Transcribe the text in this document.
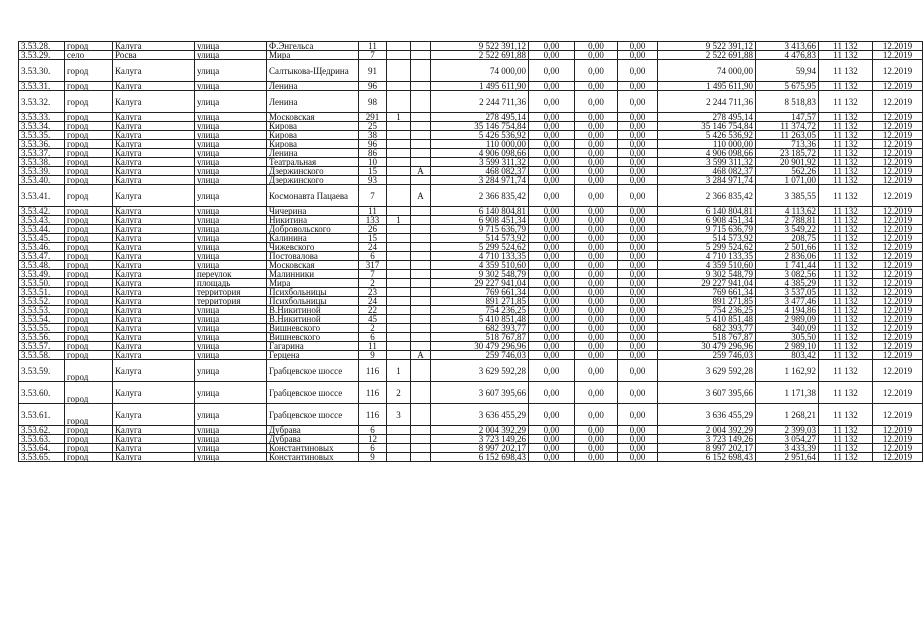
3.53.28.	город	Калуга	улица	Ф.Энгельса	11			9 522 391,12	0,00	0,00	0,00	9 522 391,12	3 413,66	11 132	12.2019
3.53.29.	село	Росва	улица	Мира	7			2 522 691,88	0,00	0,00	0,00	2 522 691,88	4 476,83	11 132	12.2019
3.53.30.	город	Калуга	улица	Салтыкова-Щедрина	91			74 000,00	0,00	0,00	0,00	74 000,00	59,94	11 132	12.2019
3.53.31.	город	Калуга	улица	Ленина	96			1 495 611,90	0,00	0,00	0,00	1 495 611,90	5 675,95	11 132	12.2019
3.53.32.	город	Калуга	улица	Ленина	98			2 244 711,36	0,00	0,00	0,00	2 244 711,36	8 518,83	11 132	12.2019
3.53.33.	город	Калуга	улица	Московская	291	1		278 495,14	0,00	0,00	0,00	278 495,14	147,57	11 132	12.2019
3.53.34.	город	Калуга	улица	Кирова	25			35 146 754,84	0,00	0,00	0,00	35 146 754,84	11 374,72	11 132	12.2019
3.53.35.	город	Калуга	улица	Кирова	38			5 426 536,92	0,00	0,00	0,00	5 426 536,92	11 263,05	11 132	12.2019
3.53.36.	город	Калуга	улица	Кирова	96			110 000,00	0,00	0,00	0,00	110 000,00	713,36	11 132	12.2019
3.53.37.	город	Калуга	улица	Ленина	86			4 906 098,66	0,00	0,00	0,00	4 906 098,66	23 185,72	11 132	12.2019
3.53.38.	город	Калуга	улица	Театральная	10			3 599 311,32	0,00	0,00	0,00	3 599 311,32	20 901,92	11 132	12.2019
3.53.39.	город	Калуга	улица	Дзержинского	15		А	468 082,37	0,00	0,00	0,00	468 082,37	562,26	11 132	12.2019
3.53.40.	город	Калуга	улица	Дзержинского	93			3 284 971,74	0,00	0,00	0,00	3 284 971,74	1 071,00	11 132	12.2019
3.53.41.	город	Калуга	улица	Космонавта Пацаева	7		А	2 366 835,42	0,00	0,00	0,00	2 366 835,42	3 385,55	11 132	12.2019
3.53.42.	город	Калуга	улица	Чичерина	11			6 140 804,81	0,00	0,00	0,00	6 140 804,81	4 113,62	11 132	12.2019
3.53.43.	город	Калуга	улица	Никитина	133	1		6 908 451,34	0,00	0,00	0,00	6 908 451,34	2 788,81	11 132	12.2019
3.53.44.	город	Калуга	улица	Добровольского	26			9 715 636,79	0,00	0,00	0,00	9 715 636,79	3 549,22	11 132	12.2019
3.53.45.	город	Калуга	улица	Калинина	15			514 573,92	0,00	0,00	0,00	514 573,92	208,75	11 132	12.2019
3.53.46.	город	Калуга	улица	Чижевского	24			5 299 524,62	0,00	0,00	0,00	5 299 524,62	2 501,66	11 132	12.2019
3.53.47.	город	Калуга	улица	Постовалова	6			4 710 133,35	0,00	0,00	0,00	4 710 133,35	2 836,06	11 132	12.2019
3.53.48.	город	Калуга	улица	Московская	317			4 359 510,60	0,00	0,00	0,00	4 359 510,60	1 741,44	11 132	12.2019
3.53.49.	город	Калуга	переулок	Малинники	7			9 302 548,79	0,00	0,00	0,00	9 302 548,79	3 082,56	11 132	12.2019
3.53.50.	город	Калуга	площадь	Мира	2			29 227 941,04	0,00	0,00	0,00	29 227 941,04	4 385,29	11 132	12.2019
3.53.51.	город	Калуга	территория	Психбольницы	23			769 661,34	0,00	0,00	0,00	769 661,34	3 537,05	11 132	12.2019
3.53.52.	город	Калуга	территория	Психбольницы	24			891 271,85	0,00	0,00	0,00	891 271,85	3 477,46	11 132	12.2019
3.53.53.	город	Калуга	улица	В.Никитиной	22			754 236,25	0,00	0,00	0,00	754 236,25	4 194,86	11 132	12.2019
3.53.54.	город	Калуга	улица	В.Никитиной	45			5 410 851,48	0,00	0,00	0,00	5 410 851,48	2 989,09	11 132	12.2019
3.53.55.	город	Калуга	улица	Вишневского	2			682 393,77	0,00	0,00	0,00	682 393,77	340,09	11 132	12.2019
3.53.56.	город	Калуга	улица	Вишневского	6			518 767,87	0,00	0,00	0,00	518 767,87	305,50	11 132	12.2019
3.53.57.	город	Калуга	улица	Гагарина	11			30 479 296,96	0,00	0,00	0,00	30 479 296,96	2 989,10	11 132	12.2019
3.53.58.	город	Калуга	улица	Герцена	9		А	259 746,03	0,00	0,00	0,00	259 746,03	803,42	11 132	12.2019
3.53.59.	город	Калуга	улица	Грабцевское шоссе	116	1		3 629 592,28	0,00	0,00	0,00	3 629 592,28	1 162,92	11 132	12.2019
3.53.60.	город	Калуга	улица	Грабцевское шоссе	116	2		3 607 395,66	0,00	0,00	0,00	3 607 395,66	1 171,38	11 132	12.2019
3.53.61.	город	Калуга	улица	Грабцевское шоссе	116	3		3 636 455,29	0,00	0,00	0,00	3 636 455,29	1 268,21	11 132	12.2019
3.53.62.	город	Калуга	улица	Дубрава	6			2 004 392,29	0,00	0,00	0,00	2 004 392,29	2 399,03	11 132	12.2019
3.53.63.	город	Калуга	улица	Дубрава	12			3 723 149,26	0,00	0,00	0,00	3 723 149,26	3 054,27	11 132	12.2019
3.53.64.	город	Калуга	улица	Константиновых	6			8 997 202,17	0,00	0,00	0,00	8 997 202,17	3 433,39	11 132	12.2019
3.53.65.	город	Калуга	улица	Константиновых	9			6 152 698,43	0,00	0,00	0,00	6 152 698,43	2 951,64	11 132	12.2019
